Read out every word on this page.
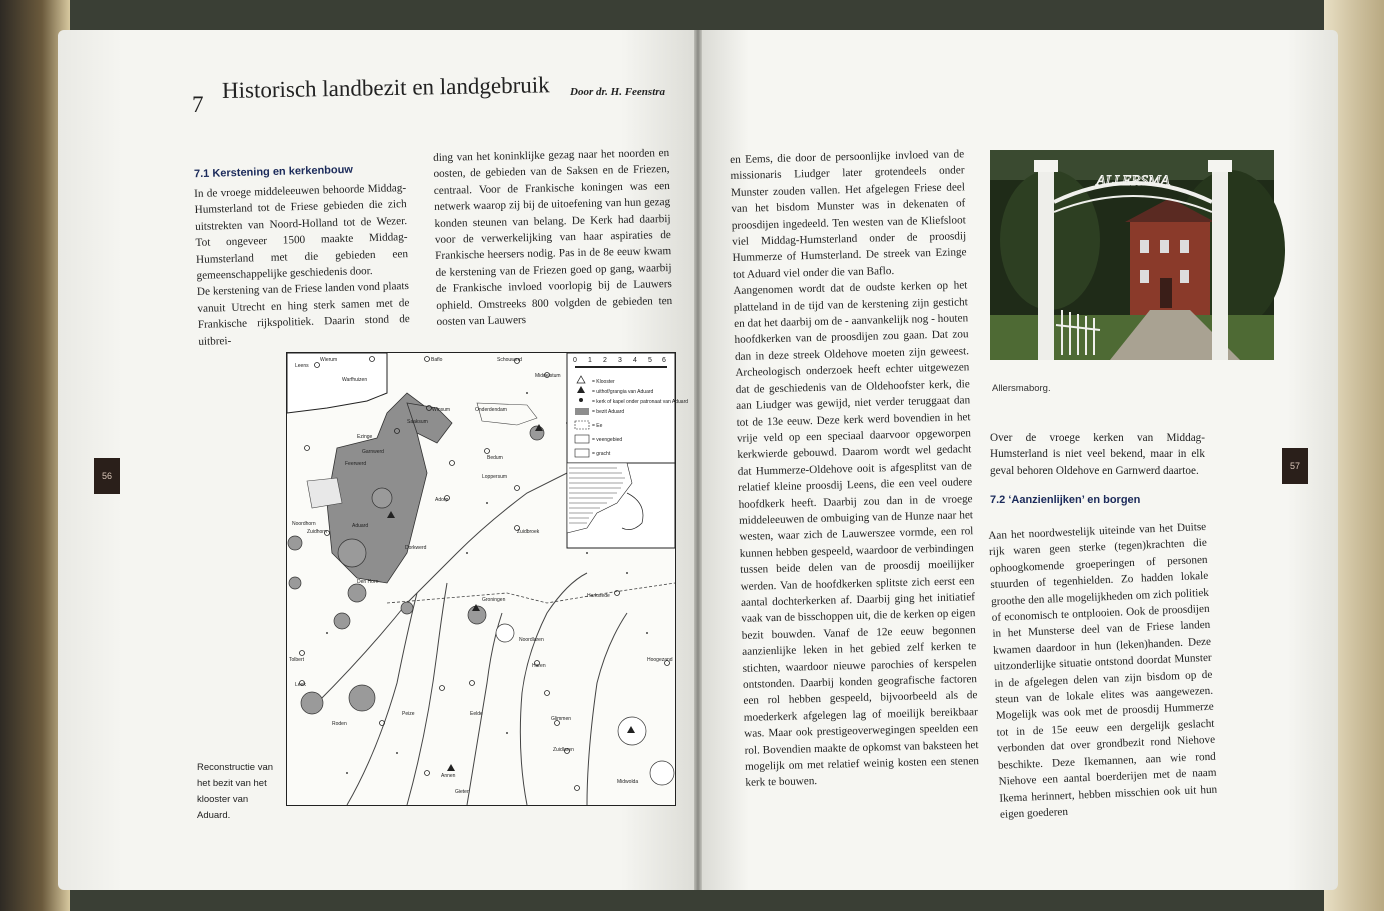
7
Historisch landbezit en landgebruik Door dr. H. Feenstra
7.1 Kerstening en kerkenbouw

In de vroege middeleeuwen behoorde Middag-Humsterland tot de Friese gebieden die zich uitstrekten van Noord-Holland tot de Wezer. Tot ongeveer 1500 maakte Middag-Humsterland met die gebieden een gemeenschappelijke geschiedenis door.

De kerstening van de Friese landen vond plaats vanuit Utrecht en hing sterk samen met de Frankische rijkspolitiek. Daarin stond de uitbrei-

ding van het koninklijke gezag naar het noorden en oosten, de gebieden van de Saksen en de Friezen, centraal. Voor de Frankische koningen was een netwerk waarop zij bij de uitoefening van hun gezag konden steunen van belang. De Kerk had daarbij voor de verwerkelijking van haar aspiraties de Frankische heersers nodig. Pas in de 8e eeuw kwam de kerstening van de Friezen goed op gang, waarbij de Frankische invloed voorlopig bij de Lauwers ophield. Omstreeks 800 volgden de gebieden ten oosten van Lauwers

0 1 2 3 4 5 6
= Klooster
= uithof/grangia van Aduard
= kerk of kapel onder patronaat van Aduard
= bezit Aduard
= Ee
= veengebied
= gracht
Wierum
Warfhuizen
Ezinge
Saaksum
Baflo	Schouwerd
Middelstum
Leens
Winsum	Onderdendam
Garnwerd
Feerwerd
Aduard
Den Horn
Dorkwerd
Groningen
Haren
Zuidhorn
Noordhorn
Tolbert
Leek
Roden
Peize	Eelde
Glimmen
Zuidlaren
Loppersum
Bedum
Adorp
Harkstede
Hoogezand
Noordlaren
Annen
Gieten
Zuidbroek
Midwolda
Reconstructie van het bezit van het klooster van Aduard.
56

en Eems, die door de persoonlijke invloed van de missionaris Liudger later grotendeels onder Munster zouden vallen. Het afgelegen Friese deel van het bisdom Munster was in dekenaten of proosdijen ingedeeld. Ten westen van de Kliefsloot viel Middag-Humsterland onder de proosdij Hummerze of Humsterland. De streek van Ezinge tot Aduard viel onder die van Baflo.

Aangenomen wordt dat de oudste kerken op het platteland in de tijd van de kerstening zijn gesticht en dat het daarbij om de - aanvankelijk nog - houten hoofdkerken van de proosdijen zou gaan. Dat zou dan in deze streek Oldehove moeten zijn geweest. Archeologisch onderzoek heeft echter uitgewezen dat de geschiedenis van de Oldehoofster kerk, die aan Liudger was gewijd, niet verder teruggaat dan tot de 13e eeuw. Deze kerk werd bovendien in het vrije veld op een speciaal daarvoor opgeworpen kerkwierde gebouwd. Daarom wordt wel gedacht dat Hummerze-Oldehove ooit is afgesplitst van de relatief kleine proosdij Leens, die een veel oudere hoofdkerk heeft. Daarbij zou dan in de vroege middeleeuwen de ombuiging van de Hunze naar het westen, waar zich de Lauwerszee vormde, een rol kunnen hebben gespeeld, waardoor de verbindingen tussen beide delen van de proosdij moeilijker werden. Van de hoofdkerken splitste zich eerst een aantal dochterkerken af. Daarbij ging het initiatief vaak van de bisschoppen uit, die de kerken op eigen bezit bouwden. Vanaf de 12e eeuw begonnen aanzienlijke leken in het gebied zelf kerken te stichten, waardoor nieuwe parochies of kerspelen ontstonden. Daarbij konden geografische factoren een rol hebben gespeeld, bijvoorbeeld als de moederkerk afgelegen lag of moeilijk bereikbaar was. Maar ook prestigeoverwegingen speelden een rol. Bovendien maakte de opkomst van baksteen het mogelijk om met relatief weinig kosten een stenen kerk te bouwen.

ALLERSMA
Allersmaborg.

Over de vroege kerken van Middag-Humsterland is niet veel bekend, maar in elk geval behoren Oldehove en Garnwerd daartoe.

7.2 ‘Aanzienlijken’ en borgen

Aan het noordwestelijk uiteinde van het Duitse rijk waren geen sterke (tegen)krachten die ophoogkomende groeperingen of personen stuurden of tegenhielden. Zo hadden lokale groothe den alle mogelijkheden om zich politiek of economisch te ontplooien. Ook de proosdijen in het Munsterse deel van de Friese landen kwamen daardoor in hun (leken)handen. Deze uitzonderlijke situatie ontstond doordat Munster in de afgelegen delen van zijn bisdom op de steun van de lokale elites was aangewezen. Mogelijk was ook met de proosdij Hummerze tot in de 15e eeuw een dergelijk geslacht verbonden dat over grondbezit rond Niehove beschikte. Deze Ikemannen, aan wie rond Niehove een aantal boerderijen met de naam Ikema herinnert, hebben misschien ook uit hun eigen goederen

57
